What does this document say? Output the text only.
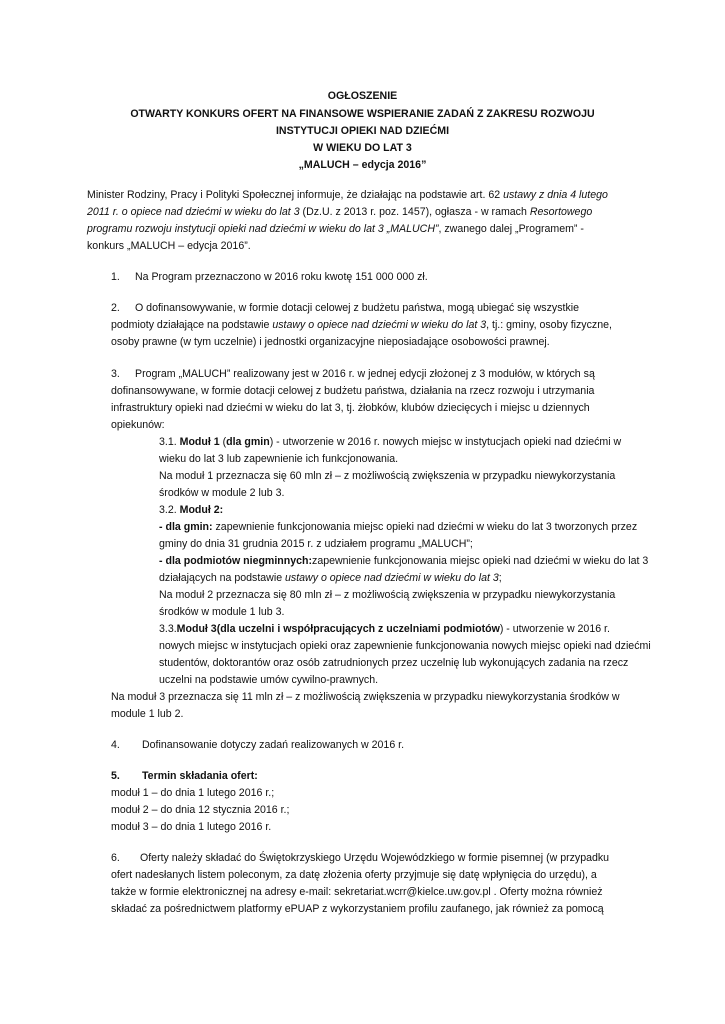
OGŁOSZENIE
OTWARTY KONKURS OFERT NA FINANSOWE WSPIERANIE ZADAŃ Z ZAKRESU ROZWOJU
INSTYTUCJI OPIEKI NAD DZIEĆMI
W WIEKU DO LAT 3
„MALUCH – edycja 2016”
Minister Rodziny, Pracy i Polityki Społecznej informuje, że działając na podstawie art. 62 ustawy z dnia 4 lutego
2011 r. o opiece nad dziećmi w wieku do lat 3 (Dz.U. z 2013 r. poz. 1457), ogłasza - w ramach Resortowego
programu rozwoju instytucji opieki nad dziećmi w wieku do lat 3 „MALUCH”, zwanego dalej „Programem” -
konkurs „MALUCH – edycja 2016”.
1. Na Program przeznaczono w 2016 roku kwotę 151 000 000 zł.
2. O dofinansowywanie, w formie dotacji celowej z budżetu państwa, mogą ubiegać się wszystkie
podmioty działające na podstawie ustawy o opiece nad dziećmi w wieku do lat 3, tj.: gminy, osoby fizyczne,
osoby prawne (w tym uczelnie) i jednostki organizacyjne nieposiadające osobowości prawnej.
3. Program „MALUCH” realizowany jest w 2016 r. w jednej edycji złożonej z 3 modułów, w których są
dofinansowywane, w formie dotacji celowej z budżetu państwa, działania na rzecz rozwoju i utrzymania
infrastruktury opieki nad dziećmi w wieku do lat 3, tj. żłobków, klubów dziecięcych i miejsc u dziennych
opiekunów:
3.1. Moduł 1 (dla gmin) - utworzenie w 2016 r. nowych miejsc w instytucjach opieki nad dziećmi w
wieku do lat 3 lub zapewnienie ich funkcjonowania.
Na moduł 1 przeznacza się 60 mln zł – z możliwością zwiększenia w przypadku niewykorzystania
środków w module 2 lub 3.
3.2. Moduł 2:
- dla gmin: zapewnienie funkcjonowania miejsc opieki nad dziećmi w wieku do lat 3 tworzonych przez
gminy do dnia 31 grudnia 2015 r. z udziałem programu „MALUCH”;
- dla podmiotów niegminnych:zapewnienie funkcjonowania miejsc opieki nad dziećmi w wieku do lat 3
działających na podstawie ustawy o opiece nad dziećmi w wieku do lat 3;
Na moduł 2 przeznacza się 80 mln zł – z możliwością zwiększenia w przypadku niewykorzystania
środków w module 1 lub 3.
3.3.Moduł 3(dla uczelni i współpracujących z uczelniami podmiotów) - utworzenie w 2016 r.
nowych miejsc w instytucjach opieki oraz zapewnienie funkcjonowania nowych miejsc opieki nad dziećmi
studentów, doktorantów oraz osób zatrudnionych przez uczelnię lub wykonujących zadania na rzecz
uczelni na podstawie umów cywilno-prawnych.
Na moduł 3 przeznacza się 11 mln zł – z możliwością zwiększenia w przypadku niewykorzystania środków w
module 1 lub 2.
4. Dofinansowanie dotyczy zadań realizowanych w 2016 r.
5. Termin składania ofert:
moduł 1 – do dnia 1 lutego 2016 r.;
moduł 2 – do dnia 12 stycznia 2016 r.;
moduł 3 – do dnia 1 lutego 2016 r.
6. Oferty należy składać do Świętokrzyskiego Urzędu Wojewódzkiego w formie pisemnej (w przypadku
ofert nadesłanych listem poleconym, za datę złożenia oferty przyjmuje się datę wpłynięcia do urzędu), a
także w formie elektronicznej na adresy e-mail: sekretariat.wcrr@kielce.uw.gov.pl . Oferty można również
składać za pośrednictwem platformy ePUAP z wykorzystaniem profilu zaufanego, jak również za pomocą
